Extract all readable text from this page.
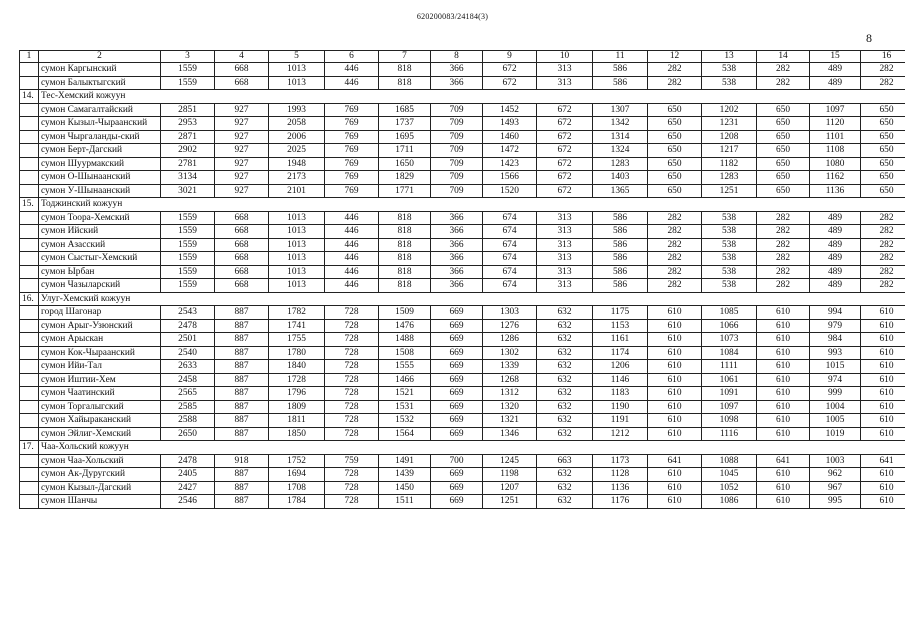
620200083/24184(3)
8
1	2	3	4	5	6	7	8	9	10	11	12	13	14	15	16
	сумон Каргынский	1559	668	1013	446	818	366	672	313	586	282	538	282	489	282
	сумон Балыктыгский	1559	668	1013	446	818	366	672	313	586	282	538	282	489	282
14.	Тес-Хемский кожуун														
	сумон Самагалтайский	2851	927	1993	769	1685	709	1452	672	1307	650	1202	650	1097	650
	сумон Кызыл-Чыраанский	2953	927	2058	769	1737	709	1493	672	1342	650	1231	650	1120	650
	сумон Чыргаланды-ский	2871	927	2006	769	1695	709	1460	672	1314	650	1208	650	1101	650
	сумон Берт-Дагский	2902	927	2025	769	1711	709	1472	672	1324	650	1217	650	1108	650
	сумон Шуурмакский	2781	927	1948	769	1650	709	1423	672	1283	650	1182	650	1080	650
	сумон О-Шынаанский	3134	927	2173	769	1829	709	1566	672	1403	650	1283	650	1162	650
	сумон У-Шынаанский	3021	927	2101	769	1771	709	1520	672	1365	650	1251	650	1136	650
15.	Тоджинский кожуун														
	сумон Тоора-Хемский	1559	668	1013	446	818	366	674	313	586	282	538	282	489	282
	сумон Ийский	1559	668	1013	446	818	366	674	313	586	282	538	282	489	282
	сумон Азасский	1559	668	1013	446	818	366	674	313	586	282	538	282	489	282
	сумон Сыстыг-Хемский	1559	668	1013	446	818	366	674	313	586	282	538	282	489	282
	сумон Ырбан	1559	668	1013	446	818	366	674	313	586	282	538	282	489	282
	сумон Чазыларский	1559	668	1013	446	818	366	674	313	586	282	538	282	489	282
16.	Улуг-Хемский кожуун														
	город Шагонар	2543	887	1782	728	1509	669	1303	632	1175	610	1085	610	994	610
	сумон Арыг-Узюнский	2478	887	1741	728	1476	669	1276	632	1153	610	1066	610	979	610
	сумон Арыскан	2501	887	1755	728	1488	669	1286	632	1161	610	1073	610	984	610
	сумон Кок-Чыраанский	2540	887	1780	728	1508	669	1302	632	1174	610	1084	610	993	610
	сумон Ийи-Тал	2633	887	1840	728	1555	669	1339	632	1206	610	1111	610	1015	610
	сумон Иштии-Хем	2458	887	1728	728	1466	669	1268	632	1146	610	1061	610	974	610
	сумон Чаатинский	2565	887	1796	728	1521	669	1312	632	1183	610	1091	610	999	610
	сумон Торгалыгский	2585	887	1809	728	1531	669	1320	632	1190	610	1097	610	1004	610
	сумон Хайыраканский	2588	887	1811	728	1532	669	1321	632	1191	610	1098	610	1005	610
	сумон Эйлиг-Хемский	2650	887	1850	728	1564	669	1346	632	1212	610	1116	610	1019	610
17.	Чаа-Хольский кожуун														
	сумон Чаа-Хольский	2478	918	1752	759	1491	700	1245	663	1173	641	1088	641	1003	641
	сумон Ак-Дуругский	2405	887	1694	728	1439	669	1198	632	1128	610	1045	610	962	610
	сумон Кызыл-Дагский	2427	887	1708	728	1450	669	1207	632	1136	610	1052	610	967	610
	сумон Шанчы	2546	887	1784	728	1511	669	1251	632	1176	610	1086	610	995	610
